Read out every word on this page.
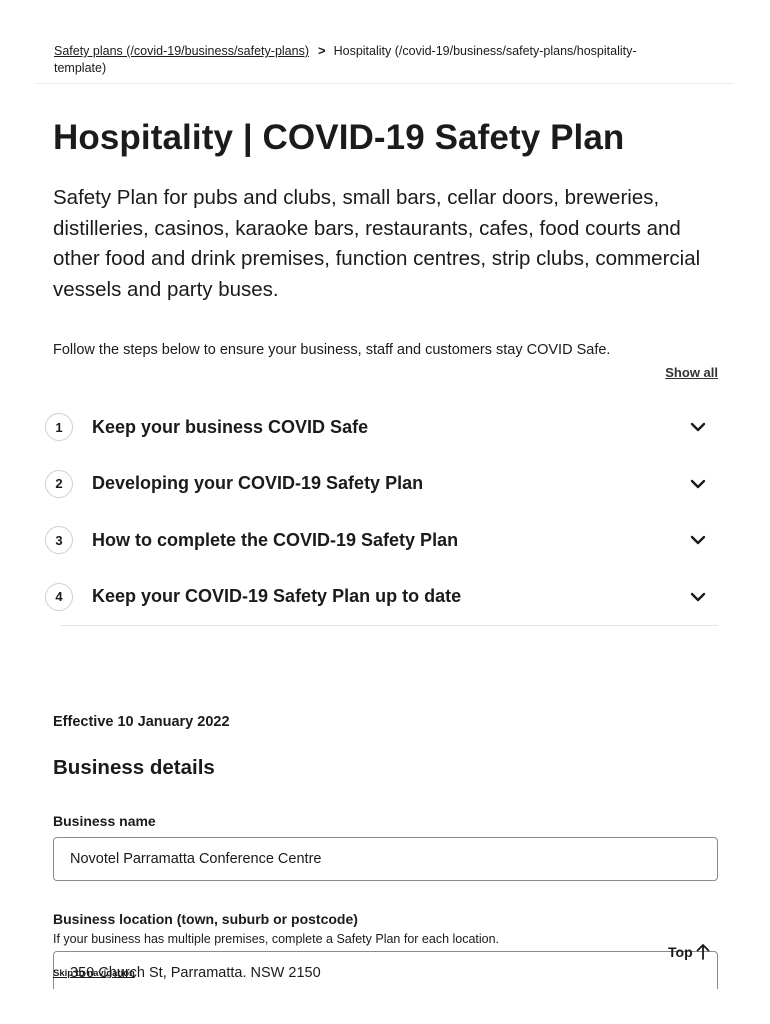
Safety plans (/covid-19/business/safety-plans) > Hospitality (/covid-19/business/safety-plans/hospitality-template)
Hospitality | COVID-19 Safety Plan

Safety Plan for pubs and clubs, small bars, cellar doors, breweries, distilleries, casinos, karaoke bars, restaurants, cafes, food courts and other food and drink premises, function centres, strip clubs, commercial vessels and party buses.

Follow the steps below to ensure your business, staff and customers stay COVID Safe.

Show all
1	Keep your business COVID Safe
2	Developing your COVID-19 Safety Plan
3	How to complete the COVID-19 Safety Plan
4	Keep your COVID-19 Safety Plan up to date

Effective 10 January 2022

Business details
Business name
Novotel Parramatta Conference Centre
Business location (town, suburb or postcode)

If your business has multiple premises, complete a Safety Plan for each location.

350 Church St, Parramatta. NSW 2150
Skip to navigation
Top
